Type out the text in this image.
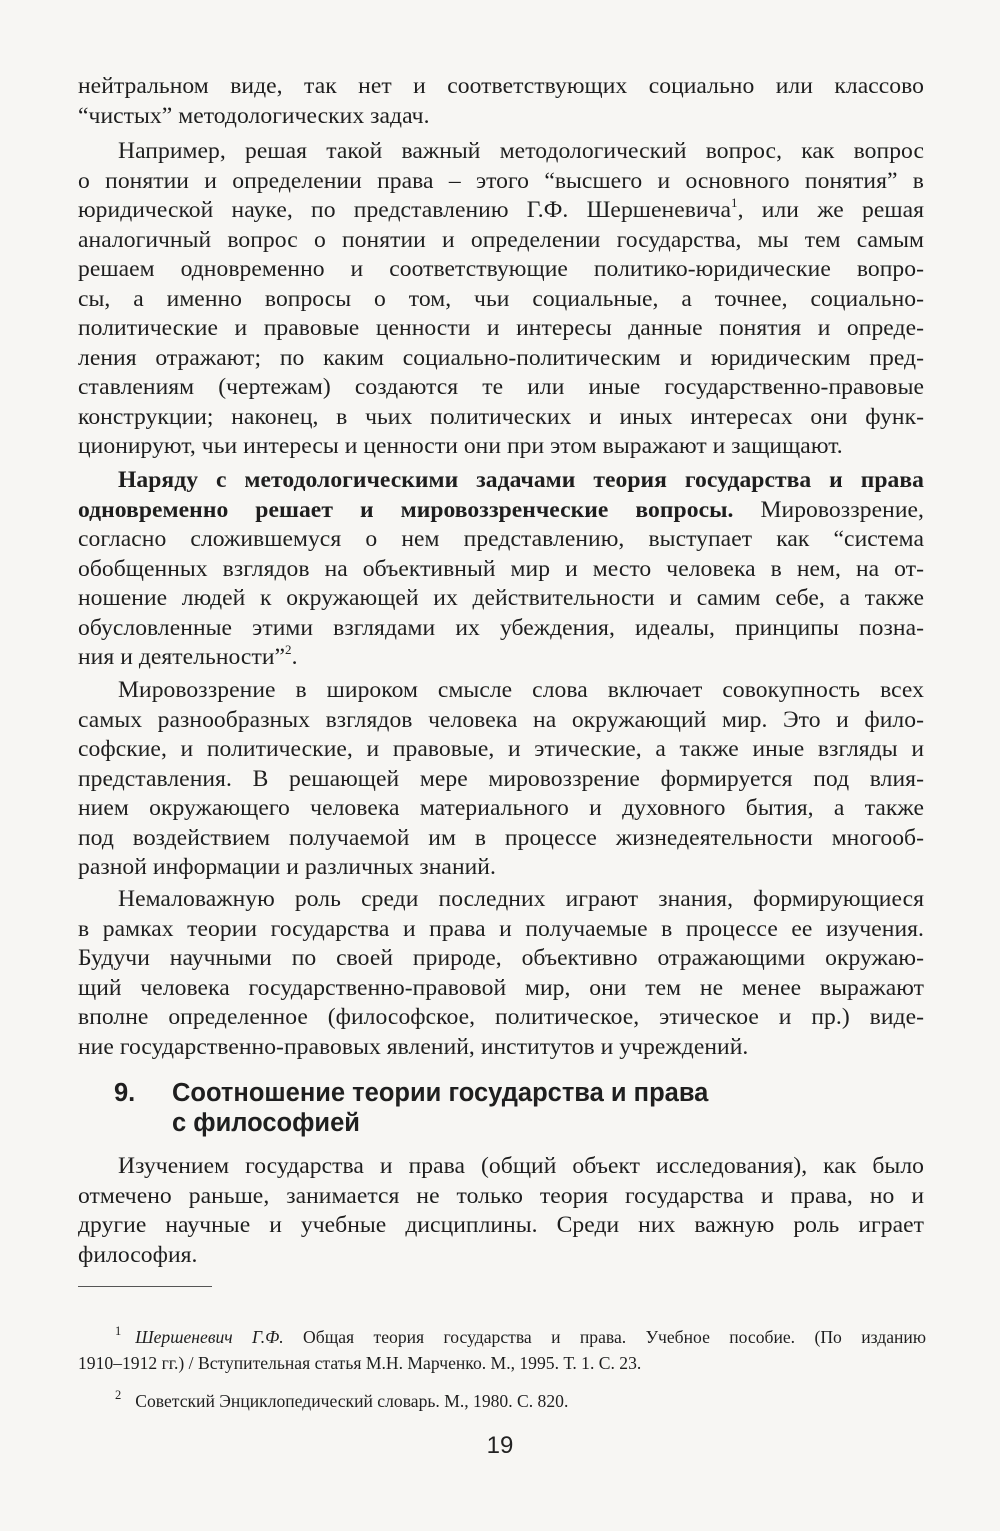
нейтральном виде, так нет и соответствующих социально или классово
“чистых” методологических задач.

Например, решая такой важный методологический вопрос, как вопрос
о понятии и определении права – этого “высшего и основного понятия” в
юридической науке, по представлению Г.Ф. Шершеневича$^1$, или же решая
аналогичный вопрос о понятии и определении государства, мы тем самым
решаем одновременно и соответствующие политико-юридические вопро-
сы, а именно вопросы о том, чьи социальные, а точнее, социально-
политические и правовые ценности и интересы данные понятия и опреде-
ления отражают; по каким социально-политическим и юридическим пред-
ставлениям (чертежам) создаются те или иные государственно-правовые
конструкции; наконец, в чьих политических и иных интересах они функ-
ционируют, чьи интересы и ценности они при этом выражают и защищают.

Наряду с методологическими задачами теория государства и права
одновременно решает и мировоззренческие вопросы. Мировоззрение,
согласно сложившемуся о нем представлению, выступает как “система
обобщенных взглядов на объективный мир и место человека в нем, на от-
ношение людей к окружающей их действительности и самим себе, а также
обусловленные этими взглядами их убеждения, идеалы, принципы позна-
ния и деятельности”$^2$.

Мировоззрение в широком смысле слова включает совокупность всех
самых разнообразных взглядов человека на окружающий мир. Это и фило-
софские, и политические, и правовые, и этические, а также иные взгляды и
представления. В решающей мере мировоззрение формируется под влия-
нием окружающего человека материального и духовного бытия, а также
под воздействием получаемой им в процессе жизнедеятельности многооб-
разной информации и различных знаний.

Немаловажную роль среди последних играют знания, формирующиеся
в рамках теории государства и права и получаемые в процессе ее изучения.
Будучи научными по своей природе, объективно отражающими окружаю-
щий человека государственно-правовой мир, они тем не менее выражают
вполне определенное (философское, политическое, этическое и пр.) виде-
ние государственно-правовых явлений, институтов и учреждений.

9. Соотношение теории государства и права
с философией

Изучением государства и права (общий объект исследования), как было
отмечено раньше, занимается не только теория государства и права, но и
другие научные и учебные дисциплины. Среди них важную роль играет
философия.

$^1$ Шершеневич Г.Ф. Общая теория государства и права. Учебное пособие. (По изданию
1910–1912 гг.) / Вступительная статья М.Н. Марченко. М., 1995. Т. 1. С. 23.
$^2$ Советский Энциклопедический словарь. М., 1980. С. 820.
19
